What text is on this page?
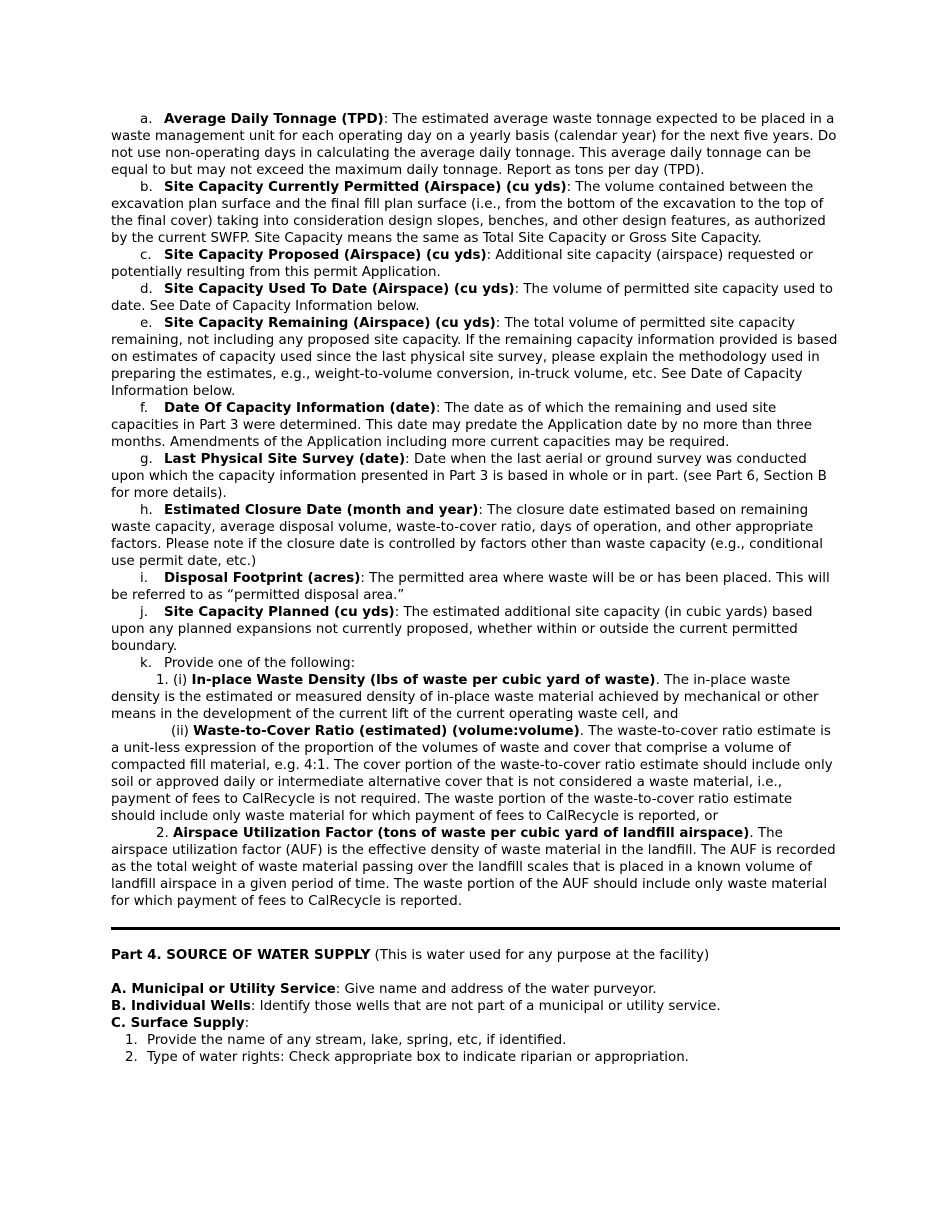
a. Average Daily Tonnage (TPD): The estimated average waste tonnage expected to be placed in a waste management unit for each operating day on a yearly basis (calendar year) for the next five years. Do not use non-operating days in calculating the average daily tonnage. This average daily tonnage can be equal to but may not exceed the maximum daily tonnage. Report as tons per day (TPD).

b. Site Capacity Currently Permitted (Airspace) (cu yds): The volume contained between the excavation plan surface and the final fill plan surface (i.e., from the bottom of the excavation to the top of the final cover) taking into consideration design slopes, benches, and other design features, as authorized by the current SWFP. Site Capacity means the same as Total Site Capacity or Gross Site Capacity.

c. Site Capacity Proposed (Airspace) (cu yds): Additional site capacity (airspace) requested or potentially resulting from this permit Application.

d. Site Capacity Used To Date (Airspace) (cu yds): The volume of permitted site capacity used to date. See Date of Capacity Information below.

e. Site Capacity Remaining (Airspace) (cu yds): The total volume of permitted site capacity remaining, not including any proposed site capacity. If the remaining capacity information provided is based on estimates of capacity used since the last physical site survey, please explain the methodology used in preparing the estimates, e.g., weight-to-volume conversion, in-truck volume, etc. See Date of Capacity Information below.

f. Date Of Capacity Information (date): The date as of which the remaining and used site capacities in Part 3 were determined. This date may predate the Application date by no more than three months. Amendments of the Application including more current capacities may be required.

g. Last Physical Site Survey (date): Date when the last aerial or ground survey was conducted upon which the capacity information presented in Part 3 is based in whole or in part. (see Part 6, Section B for more details).

h. Estimated Closure Date (month and year): The closure date estimated based on remaining waste capacity, average disposal volume, waste-to-cover ratio, days of operation, and other appropriate factors. Please note if the closure date is controlled by factors other than waste capacity (e.g., conditional use permit date, etc.)

i. Disposal Footprint (acres): The permitted area where waste will be or has been placed. This will be referred to as “permitted disposal area.”

j. Site Capacity Planned (cu yds): The estimated additional site capacity (in cubic yards) based upon any planned expansions not currently proposed, whether within or outside the current permitted boundary.

k. Provide one of the following:

1. (i) In-place Waste Density (lbs of waste per cubic yard of waste). The in-place waste density is the estimated or measured density of in-place waste material achieved by mechanical or other means in the development of the current lift of the current operating waste cell, and

(ii) Waste-to-Cover Ratio (estimated) (volume:volume). The waste-to-cover ratio estimate is a unit-less expression of the proportion of the volumes of waste and cover that comprise a volume of compacted fill material, e.g. 4:1. The cover portion of the waste-to-cover ratio estimate should include only soil or approved daily or intermediate alternative cover that is not considered a waste material, i.e., payment of fees to CalRecycle is not required. The waste portion of the waste-to-cover ratio estimate should include only waste material for which payment of fees to CalRecycle is reported, or

2. Airspace Utilization Factor (tons of waste per cubic yard of landfill airspace). The airspace utilization factor (AUF) is the effective density of waste material in the landfill. The AUF is recorded as the total weight of waste material passing over the landfill scales that is placed in a known volume of landfill airspace in a given period of time. The waste portion of the AUF should include only waste material for which payment of fees to CalRecycle is reported.

Part 4. SOURCE OF WATER SUPPLY (This is water used for any purpose at the facility)

A. Municipal or Utility Service: Give name and address of the water purveyor.

B. Individual Wells: Identify those wells that are not part of a municipal or utility service.

C. Surface Supply:

1. Provide the name of any stream, lake, spring, etc, if identified.
2. Type of water rights: Check appropriate box to indicate riparian or appropriation.
